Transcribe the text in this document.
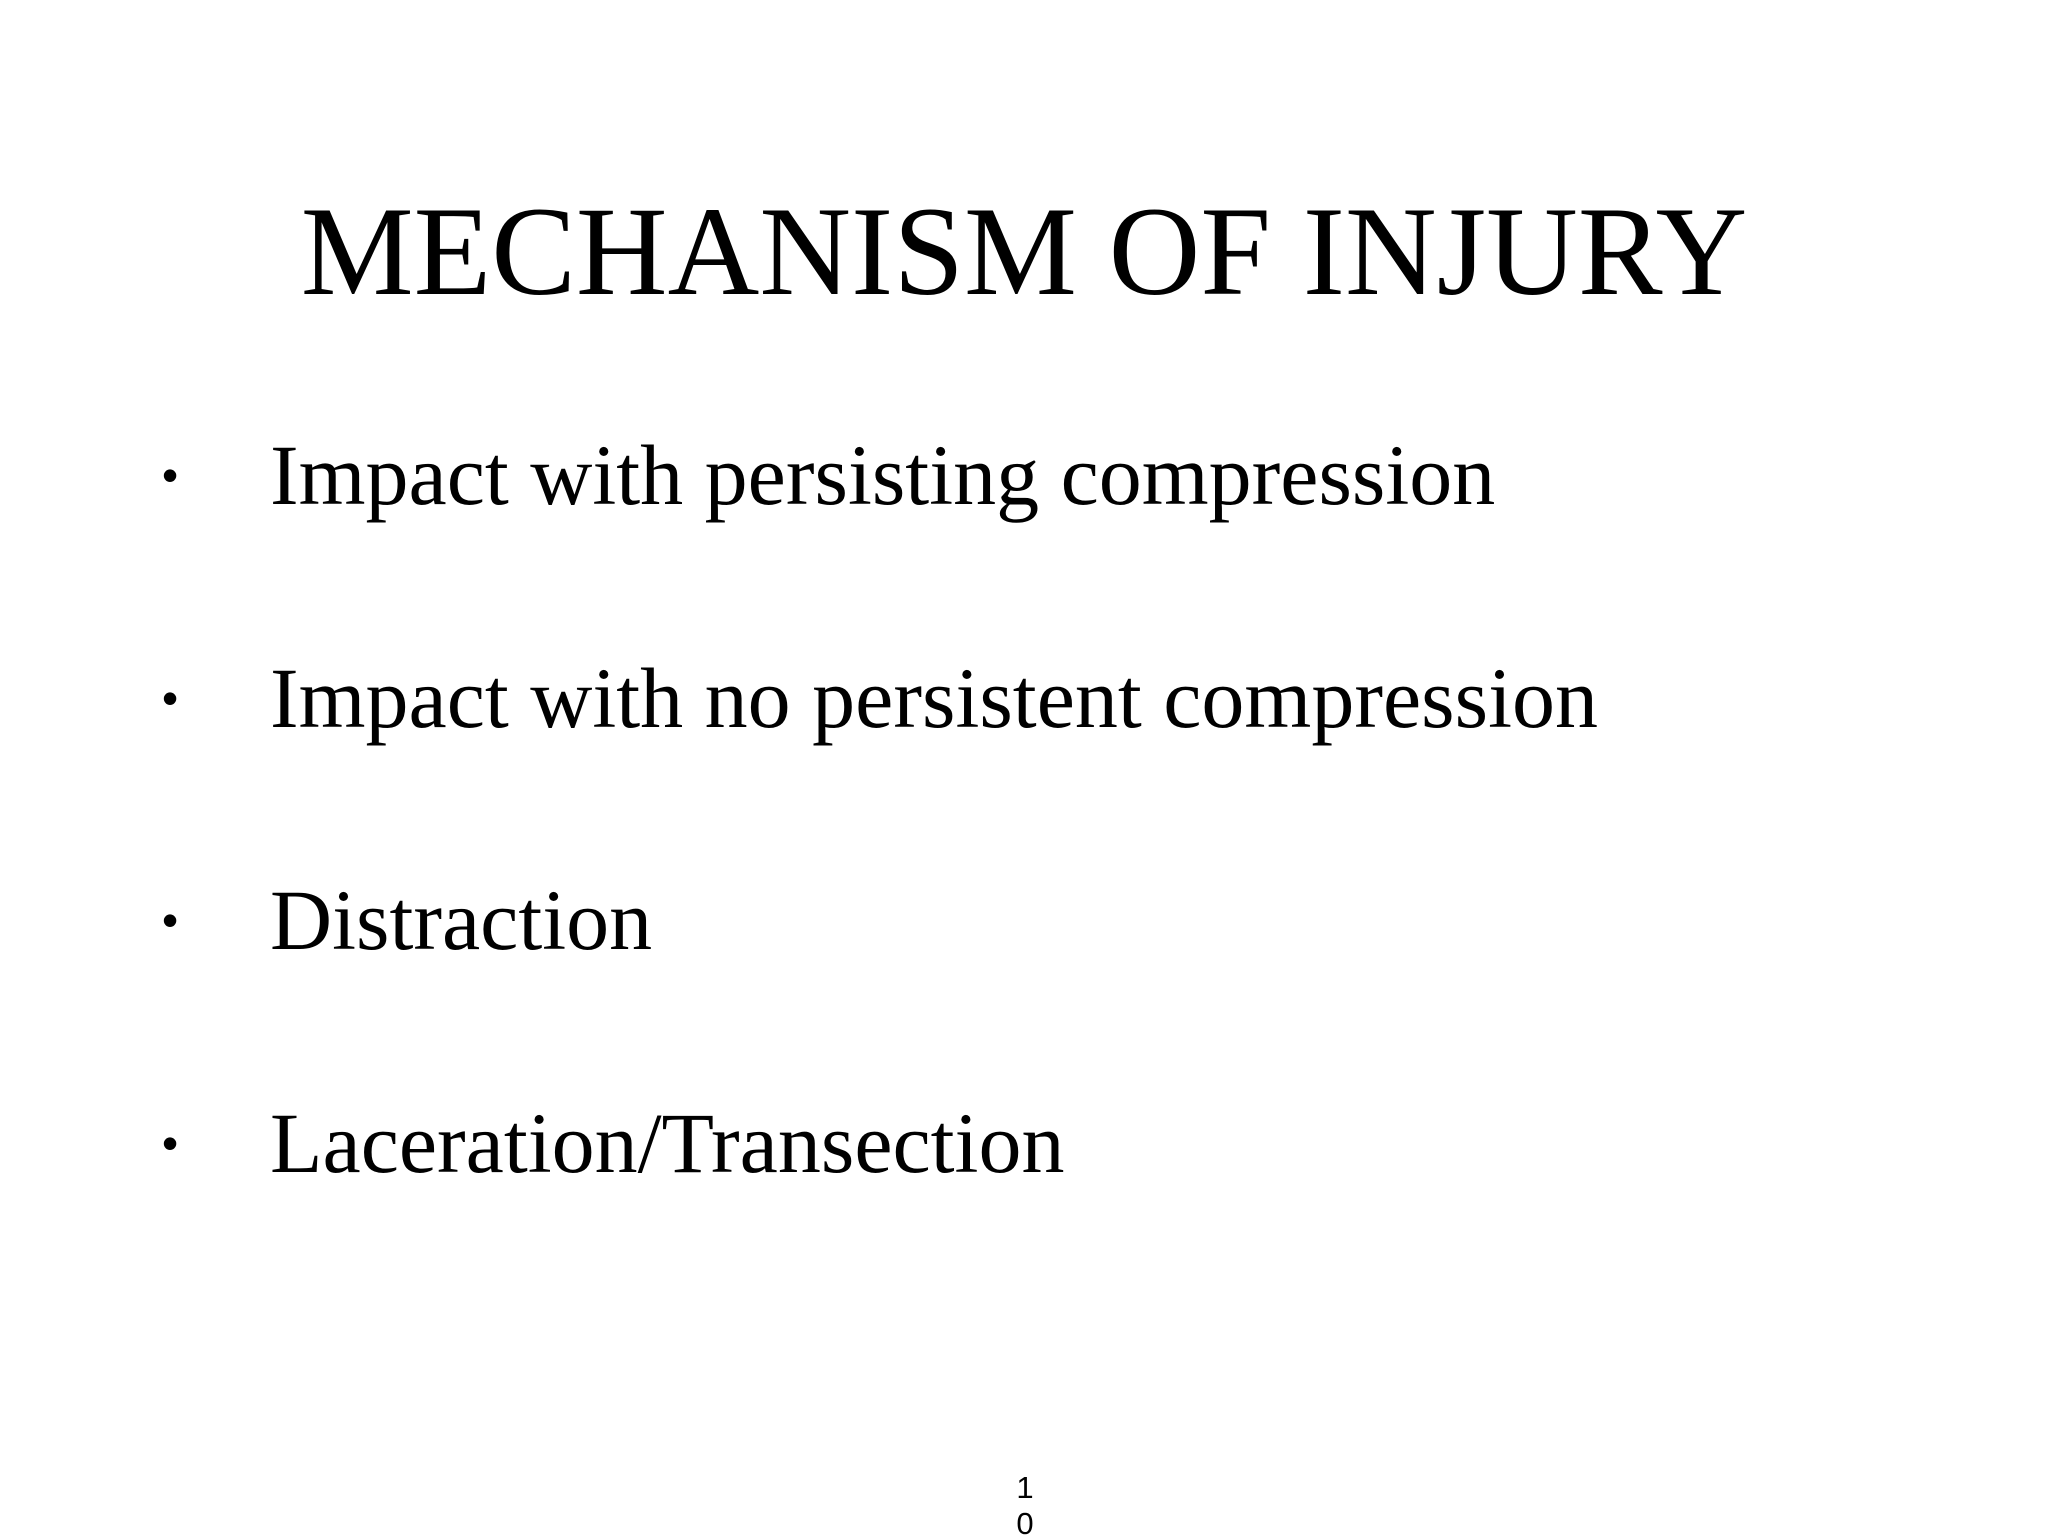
MECHANISM OF INJURY
• Impact with persisting compression
• Impact with no persistent compression
• Distraction
• Laceration/Transection
10
